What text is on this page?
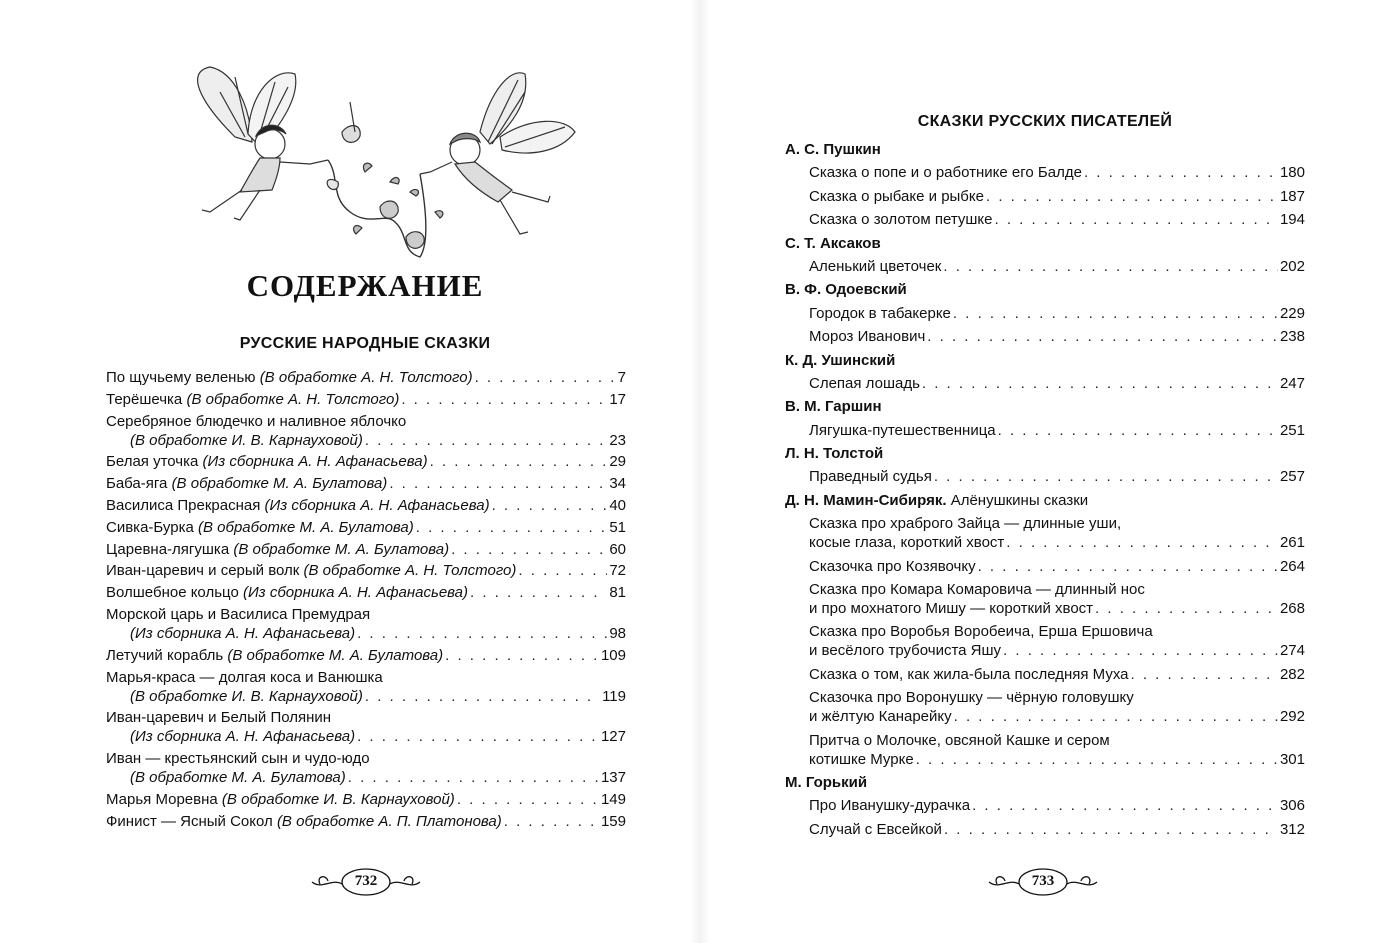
СОДЕРЖАНИЕ
РУССКИЕ НАРОДНЫЕ СКАЗКИ
По щучьему веленью (В обработке А. Н. Толстого) . . .	7
Терёшечка (В обработке А. Н. Толстого) . . .	17
Серебряное блюдечко и наливное яблочко
(В обработке И. В. Карнауховой) . . .	23
Белая уточка (Из сборника А. Н. Афанасьева) . . .	29
Баба-яга (В обработке М. А. Булатова) . . .	34
Василиса Прекрасная (Из сборника А. Н. Афанасьева) . . .	40
Сивка-Бурка (В обработке М. А. Булатова) . . .	51
Царевна-лягушка (В обработке М. А. Булатова) . . .	60
Иван-царевич и серый волк (В обработке А. Н. Толстого) . . .	72
Волшебное кольцо (Из сборника А. Н. Афанасьева) . . .	81
Морской царь и Василиса Премудрая
(Из сборника А. Н. Афанасьева) . . .	98
Летучий корабль (В обработке М. А. Булатова) . . .	109
Марья-краса — долгая коса и Ванюшка
(В обработке И. В. Карнауховой) . . .	119
Иван-царевич и Белый Полянин
(Из сборника А. Н. Афанасьева) . . .	127
Иван — крестьянский сын и чудо-юдо
(В обработке М. А. Булатова) . . .	137
Марья Моревна (В обработке И. В. Карнауховой) . . .	149
Финист — Ясный Сокол (В обработке А. П. Платонова) . . .	159
732
СКАЗКИ РУССКИХ ПИСАТЕЛЕЙ
А. С. Пушкин
Сказка о попе и о работнике его Балде . . .	180
Сказка о рыбаке и рыбке . . .	187
Сказка о золотом петушке . . .	194
С. Т. Аксаков
Аленький цветочек . . .	202
В. Ф. Одоевский
Городок в табакерке . . .	229
Мороз Иванович . . .	238
К. Д. Ушинский
Слепая лошадь . . .	247
В. М. Гаршин
Лягушка-путешественница . . .	251
Л. Н. Толстой
Праведный судья . . .	257
Д. Н. Мамин-Сибиряк. Алёнушкины сказки
Сказка про храброго Зайца — длинные уши,
косые глаза, короткий хвост . . .	261
Сказочка про Козявочку . . .	264
Сказка про Комара Комаровича — длинный нос
и про мохнатого Мишу — короткий хвост . . .	268
Сказка про Воробья Воробеича, Ерша Ершовича
и весёлого трубочиста Яшу . . .	274
Сказка о том, как жила-была последняя Муха . . .	282
Сказочка про Воронушку — чёрную головушку
и жёлтую Канарейку . . .	292
Притча о Молочке, овсяной Кашке и сером
котишке Мурке . . .	301
М. Горький
Про Иванушку-дурачка . . .	306
Случай с Евсейкой . . .	312
733
